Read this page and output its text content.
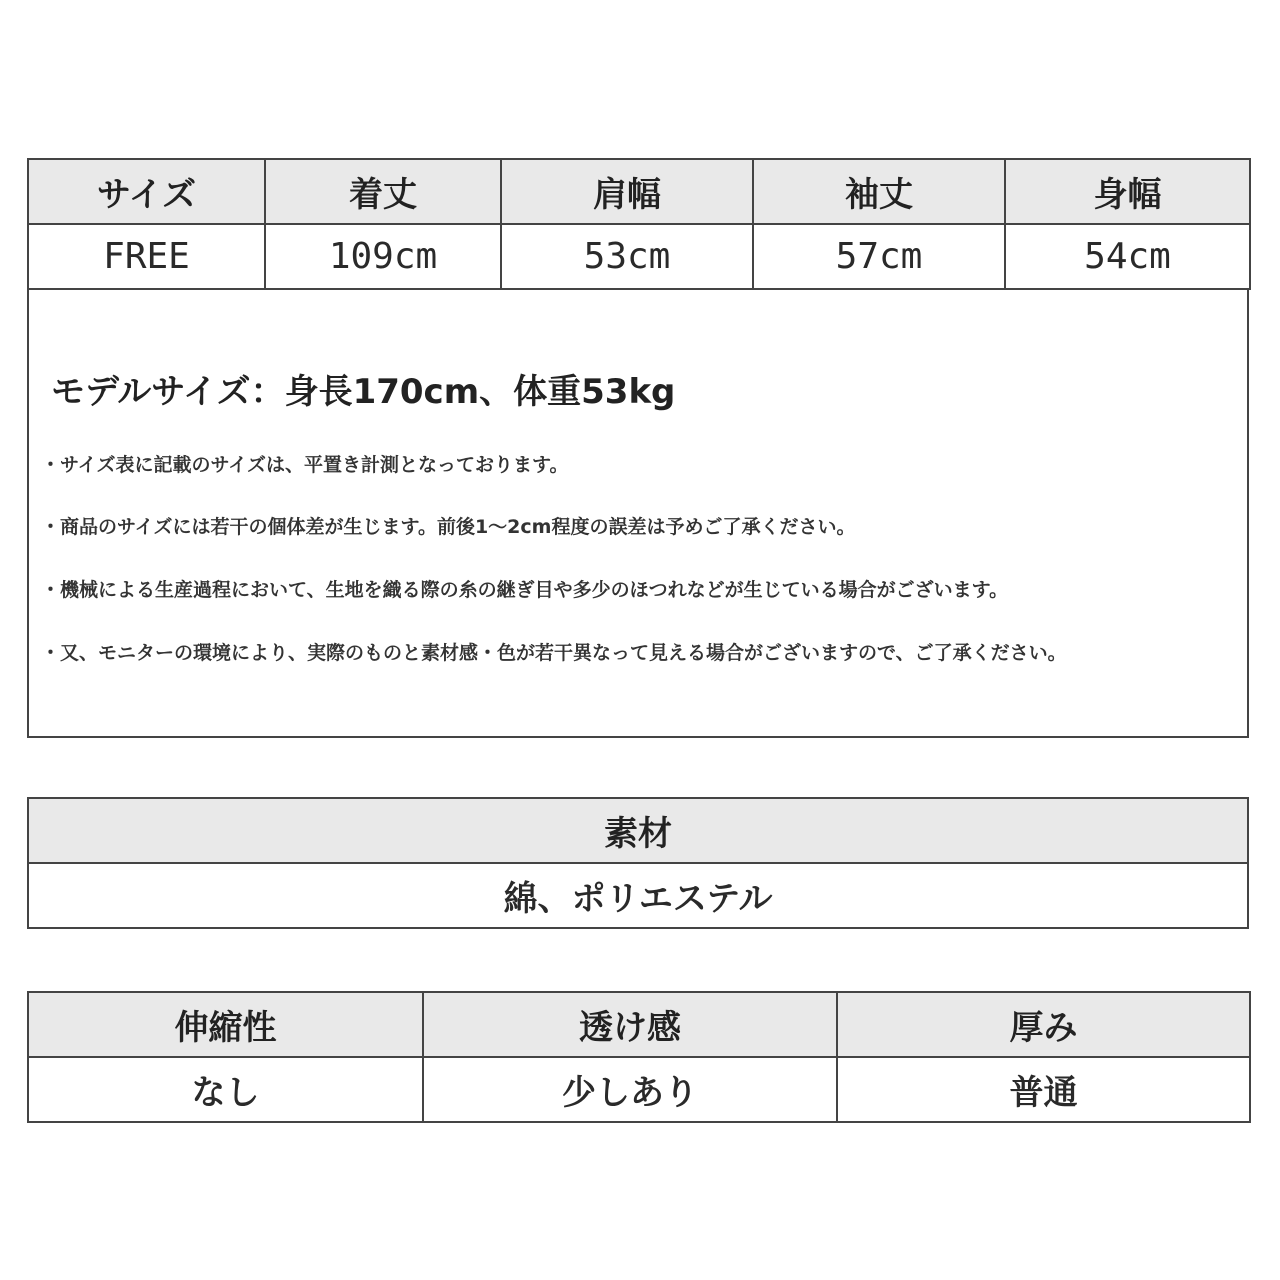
サイズ	着丈	肩幅	袖丈	身幅
FREE	109cm	53cm	57cm	54cm
モデルサイズ：身長170cm、体重53kg
・サイズ表に記載のサイズは、平置き計測となっております。
・商品のサイズには若干の個体差が生じます。前後1～2cm程度の誤差は予めご了承ください。
・機械による生産過程において、生地を織る際の糸の継ぎ目や多少のほつれなどが生じている場合がございます。
・又、モニターの環境により、実際のものと素材感・色が若干異なって見える場合がございますので、ご了承ください。
素材
綿、ポリエステル
伸縮性	透け感	厚み
なし	少しあり	普通
